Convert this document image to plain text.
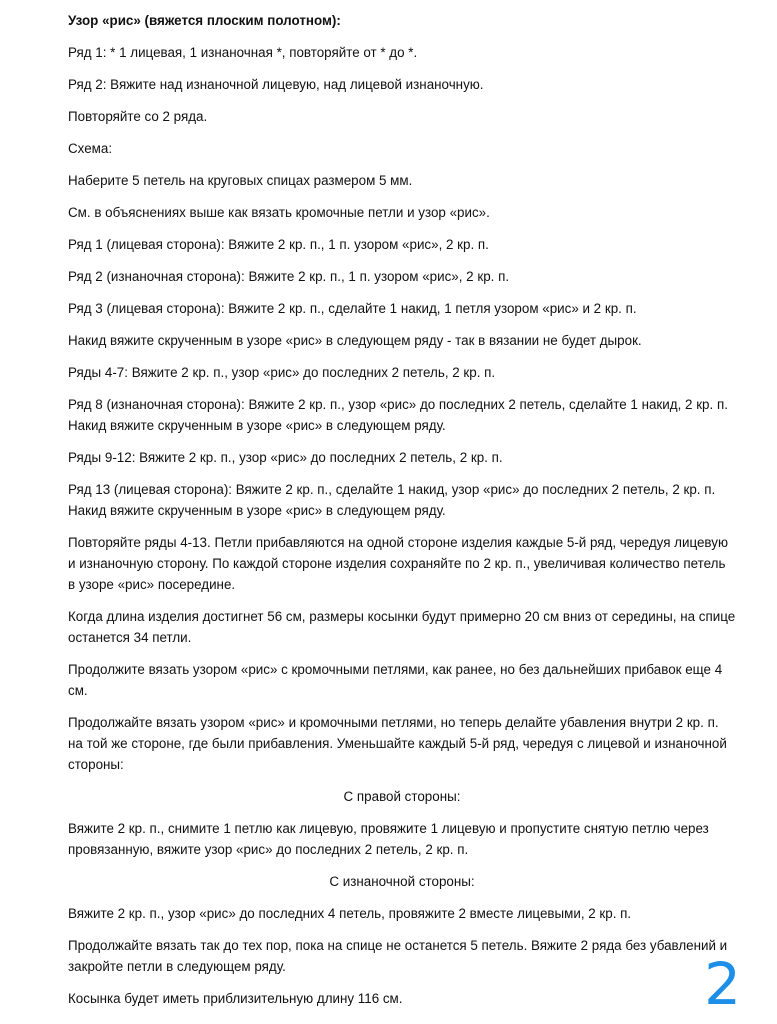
Узор «рис» (вяжется плоским полотном):

Ряд 1: * 1 лицевая, 1 изнаночная *, повторяйте от * до *.

Ряд 2: Вяжите над изнаночной лицевую, над лицевой изнаночную.

Повторяйте со 2 ряда.

Схема:

Наберите 5 петель на круговых спицах размером 5 мм.

См. в объяснениях выше как вязать кромочные петли и узор «рис».

Ряд 1 (лицевая сторона): Вяжите 2 кр. п., 1 п. узором «рис», 2 кр. п.

Ряд 2 (изнаночная сторона): Вяжите 2 кр. п., 1 п. узором «рис», 2 кр. п.

Ряд 3 (лицевая сторона): Вяжите 2 кр. п., сделайте 1 накид, 1 петля узором «рис» и 2 кр. п.

Накид вяжите скрученным в узоре «рис» в следующем ряду - так в вязании не будет дырок.

Ряды 4-7: Вяжите 2 кр. п., узор «рис» до последних 2 петель, 2 кр. п.

Ряд 8 (изнаночная сторона): Вяжите 2 кр. п., узор «рис» до последних 2 петель, сделайте 1 накид, 2 кр. п. Накид вяжите скрученным в узоре «рис» в следующем ряду.

Ряды 9-12: Вяжите 2 кр. п., узор «рис» до последних 2 петель, 2 кр. п.

Ряд 13 (лицевая сторона): Вяжите 2 кр. п., сделайте 1 накид, узор «рис» до последних 2 петель, 2 кр. п. Накид вяжите скрученным в узоре «рис» в следующем ряду.

Повторяйте ряды 4-13. Петли прибавляются на одной стороне изделия каждые 5-й ряд, чередуя лицевую и изнаночную сторону. По каждой стороне изделия сохраняйте по 2 кр. п., увеличивая количество петель в узоре «рис» посередине.

Когда длина изделия достигнет 56 см, размеры косынки будут примерно 20 см вниз от середины, на спице останется 34 петли.

Продолжите вязать узором «рис» с кромочными петлями, как ранее, но без дальнейших прибавок еще 4 см.

Продолжайте вязать узором «рис» и кромочными петлями, но теперь делайте убавления внутри 2 кр. п. на той же стороне, где были прибавления. Уменьшайте каждый 5-й ряд, чередуя с лицевой и изнаночной стороны:

С правой стороны:

Вяжите 2 кр. п., снимите 1 петлю как лицевую, провяжите 1 лицевую и пропустите снятую петлю через провязанную, вяжите узор «рис» до последних 2 петель, 2 кр. п.

С изнаночной стороны:

Вяжите 2 кр. п., узор «рис» до последних 4 петель, провяжите 2 вместе лицевыми, 2 кр. п.

Продолжайте вязать так до тех пор, пока на спице не останется 5 петель. Вяжите 2 ряда без убавлений и закройте петли в следующем ряду.

Косынка будет иметь приблизительную длину 116 см.	2
